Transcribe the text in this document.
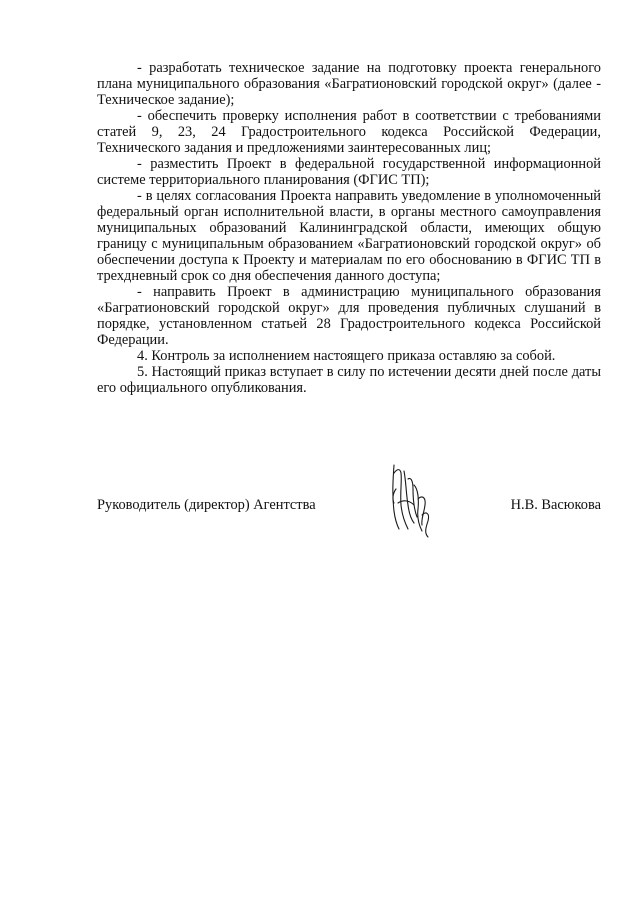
- разработать техническое задание на подготовку проекта генерального плана муниципального образования «Багратионовский городской округ» (далее - Техническое задание);

- обеспечить проверку исполнения работ в соответствии с требованиями статей 9, 23, 24 Градостроительного кодекса Российской Федерации, Технического задания и предложениями заинтересованных лиц;

- разместить Проект в федеральной государственной информационной системе территориального планирования (ФГИС ТП);

- в целях согласования Проекта направить уведомление в уполномоченный федеральный орган исполнительной власти, в органы местного самоуправления муниципальных образований Калининградской области, имеющих общую границу с муниципальным образованием «Багратионовский городской округ» об обеспечении доступа к Проекту и материалам по его обоснованию в ФГИС ТП в трехдневный срок со дня обеспечения данного доступа;

- направить Проект в администрацию муниципального образования «Багратионовский городской округ» для проведения публичных слушаний в порядке, установленном статьей 28 Градостроительного кодекса Российской Федерации.

4. Контроль за исполнением настоящего приказа оставляю за собой.

5. Настоящий приказ вступает в силу по истечении десяти дней после даты его официального опубликования.

Руководитель (директор) Агентства	Н.В. Васюкова
